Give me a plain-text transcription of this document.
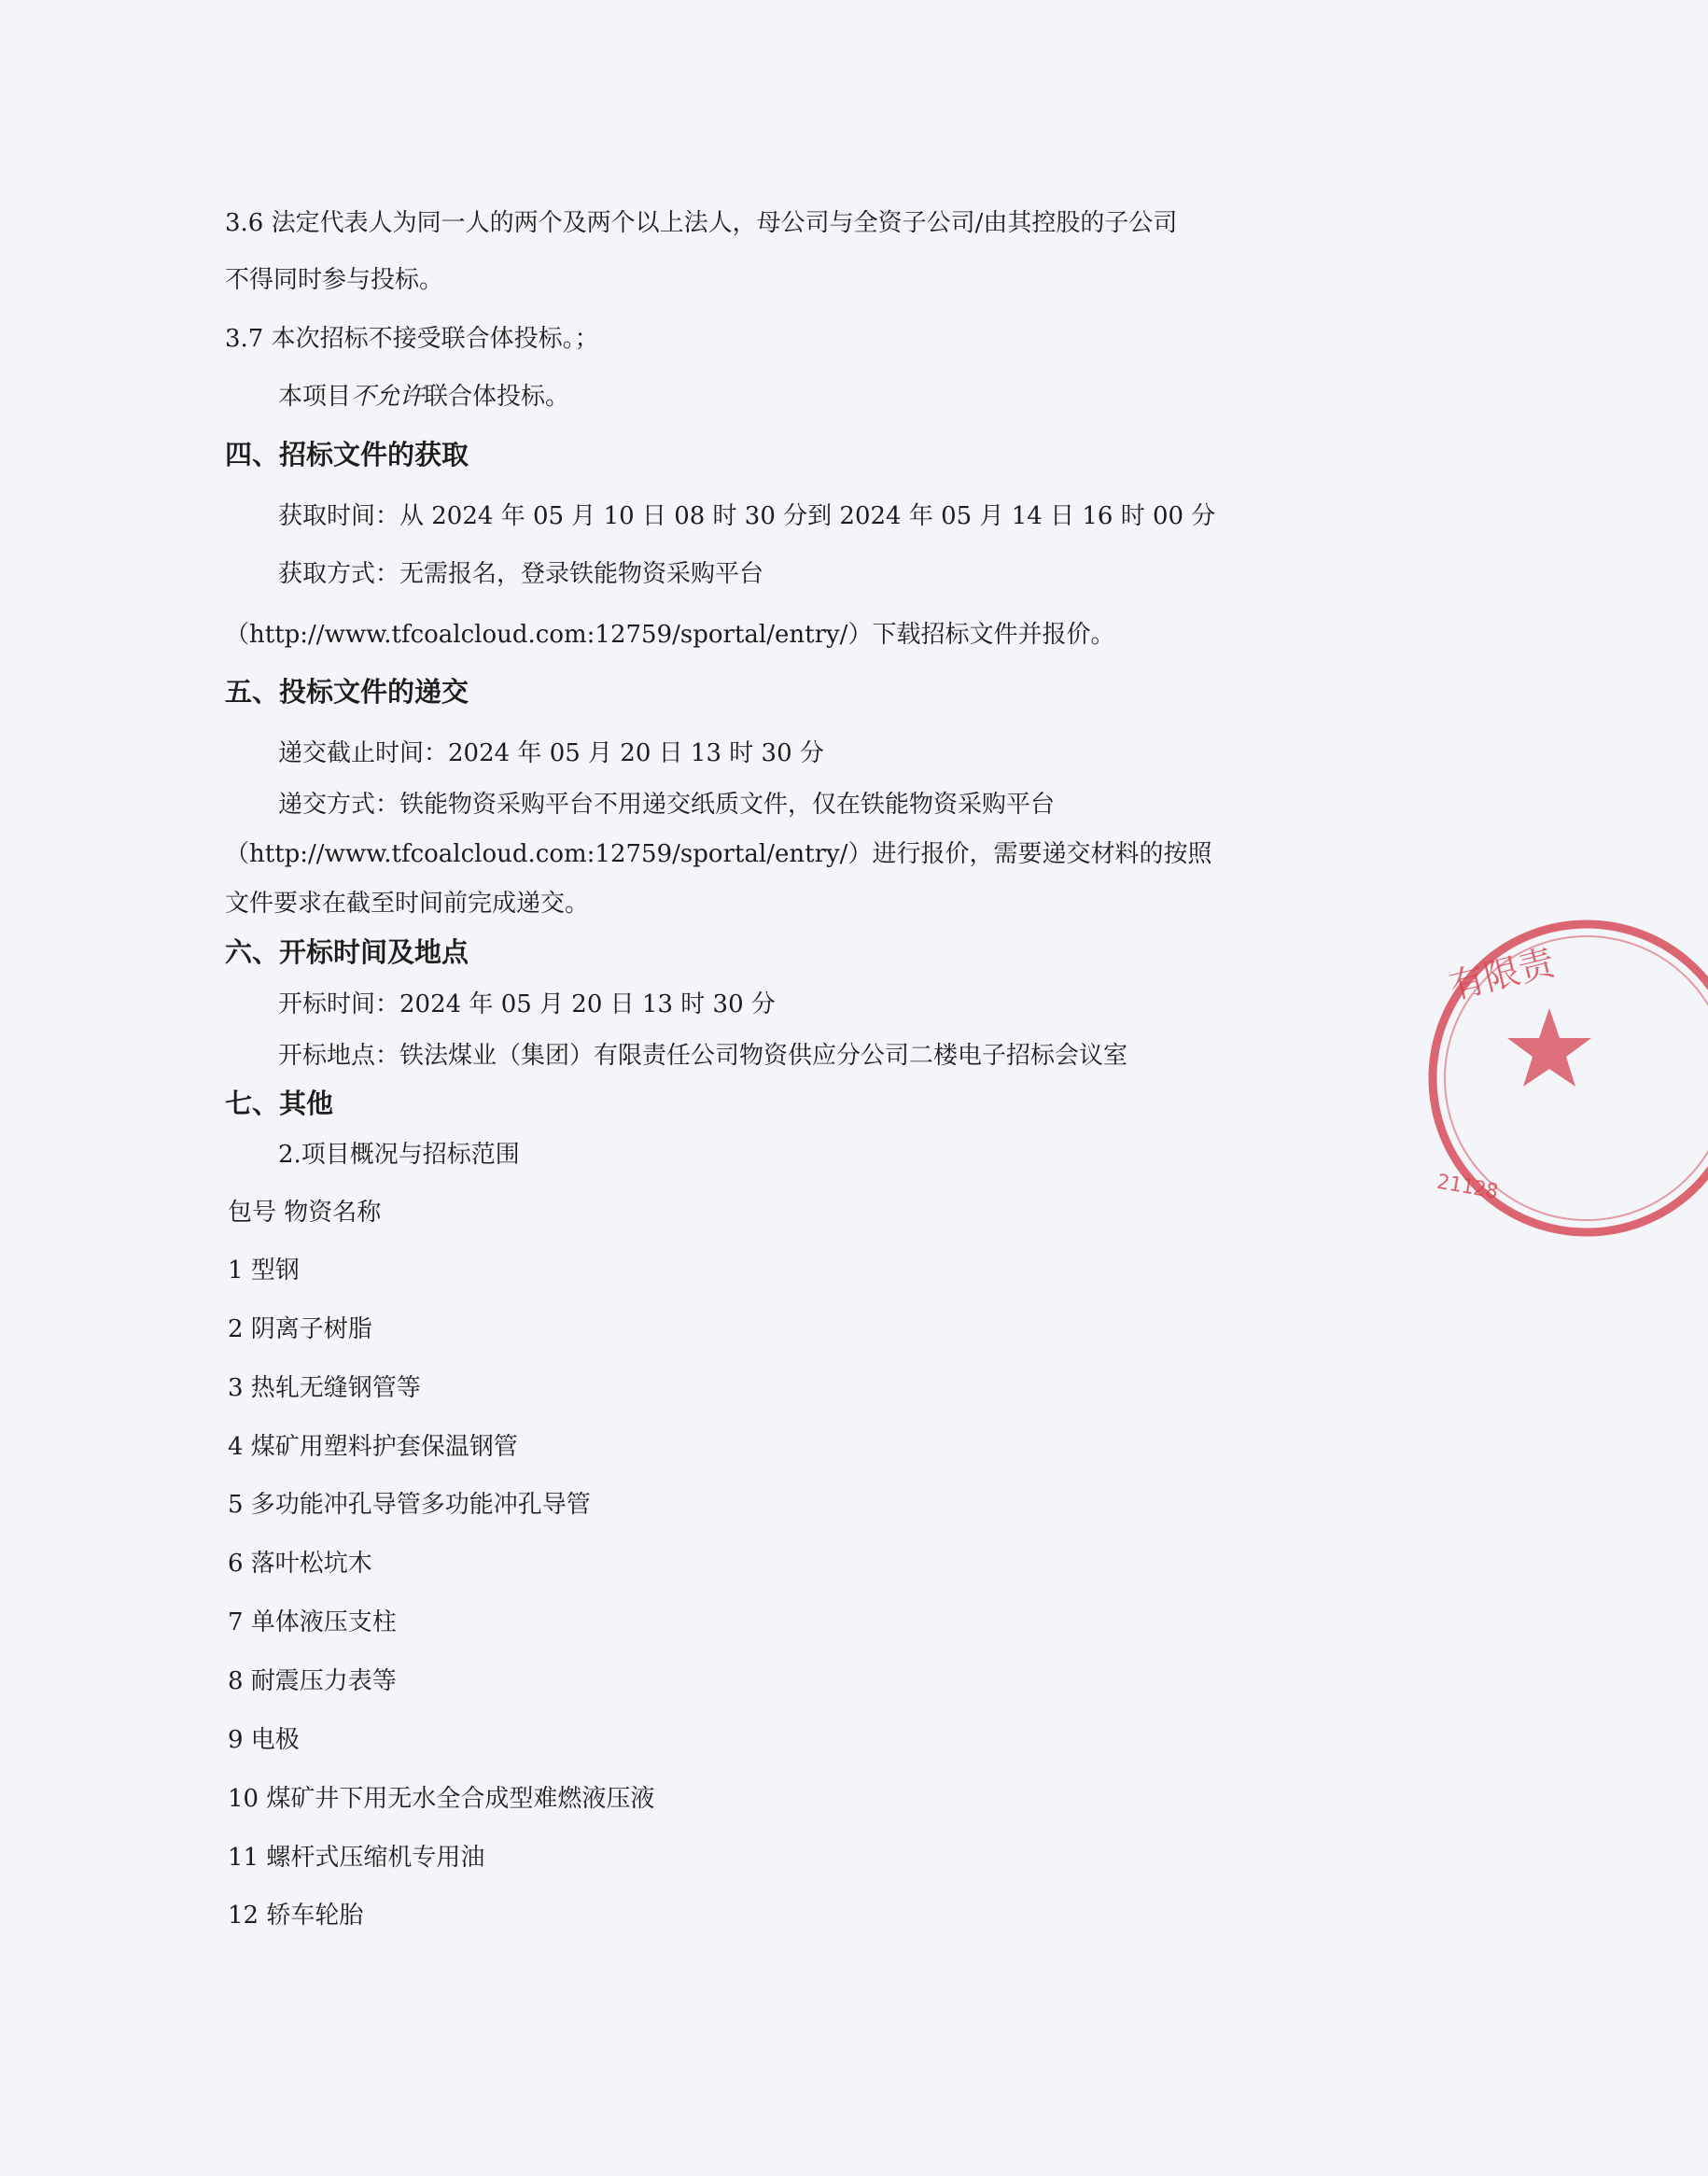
3.6 法定代表人为同一人的两个及两个以上法人，母公司与全资子公司/由其控股的子公司
不得同时参与投标。
3.7 本次招标不接受联合体投标。；
本项目不允许联合体投标。
四、招标文件的获取
获取时间：从 2024 年 05 月 10 日 08 时 30 分到 2024 年 05 月 14 日 16 时 00 分
获取方式：无需报名，登录铁能物资采购平台
（http://www.tfcoalcloud.com:12759/sportal/entry/）下载招标文件并报价。
五、投标文件的递交
递交截止时间：2024 年 05 月 20 日 13 时 30 分
递交方式：铁能物资采购平台不用递交纸质文件，仅在铁能物资采购平台
（http://www.tfcoalcloud.com:12759/sportal/entry/）进行报价，需要递交材料的按照
文件要求在截至时间前完成递交。
六、开标时间及地点
开标时间：2024 年 05 月 20 日 13 时 30 分
开标地点：铁法煤业（集团）有限责任公司物资供应分公司二楼电子招标会议室
七、其他
2.项目概况与招标范围
包号 物资名称
1 型钢
2 阴离子树脂
3 热轧无缝钢管等
4 煤矿用塑料护套保温钢管
5 多功能冲孔导管多功能冲孔导管
6 落叶松坑木
7 单体液压支柱
8 耐震压力表等
9 电极
10 煤矿井下用无水全合成型难燃液压液
11 螺杆式压缩机专用油
12 轿车轮胎
有限责
21128
